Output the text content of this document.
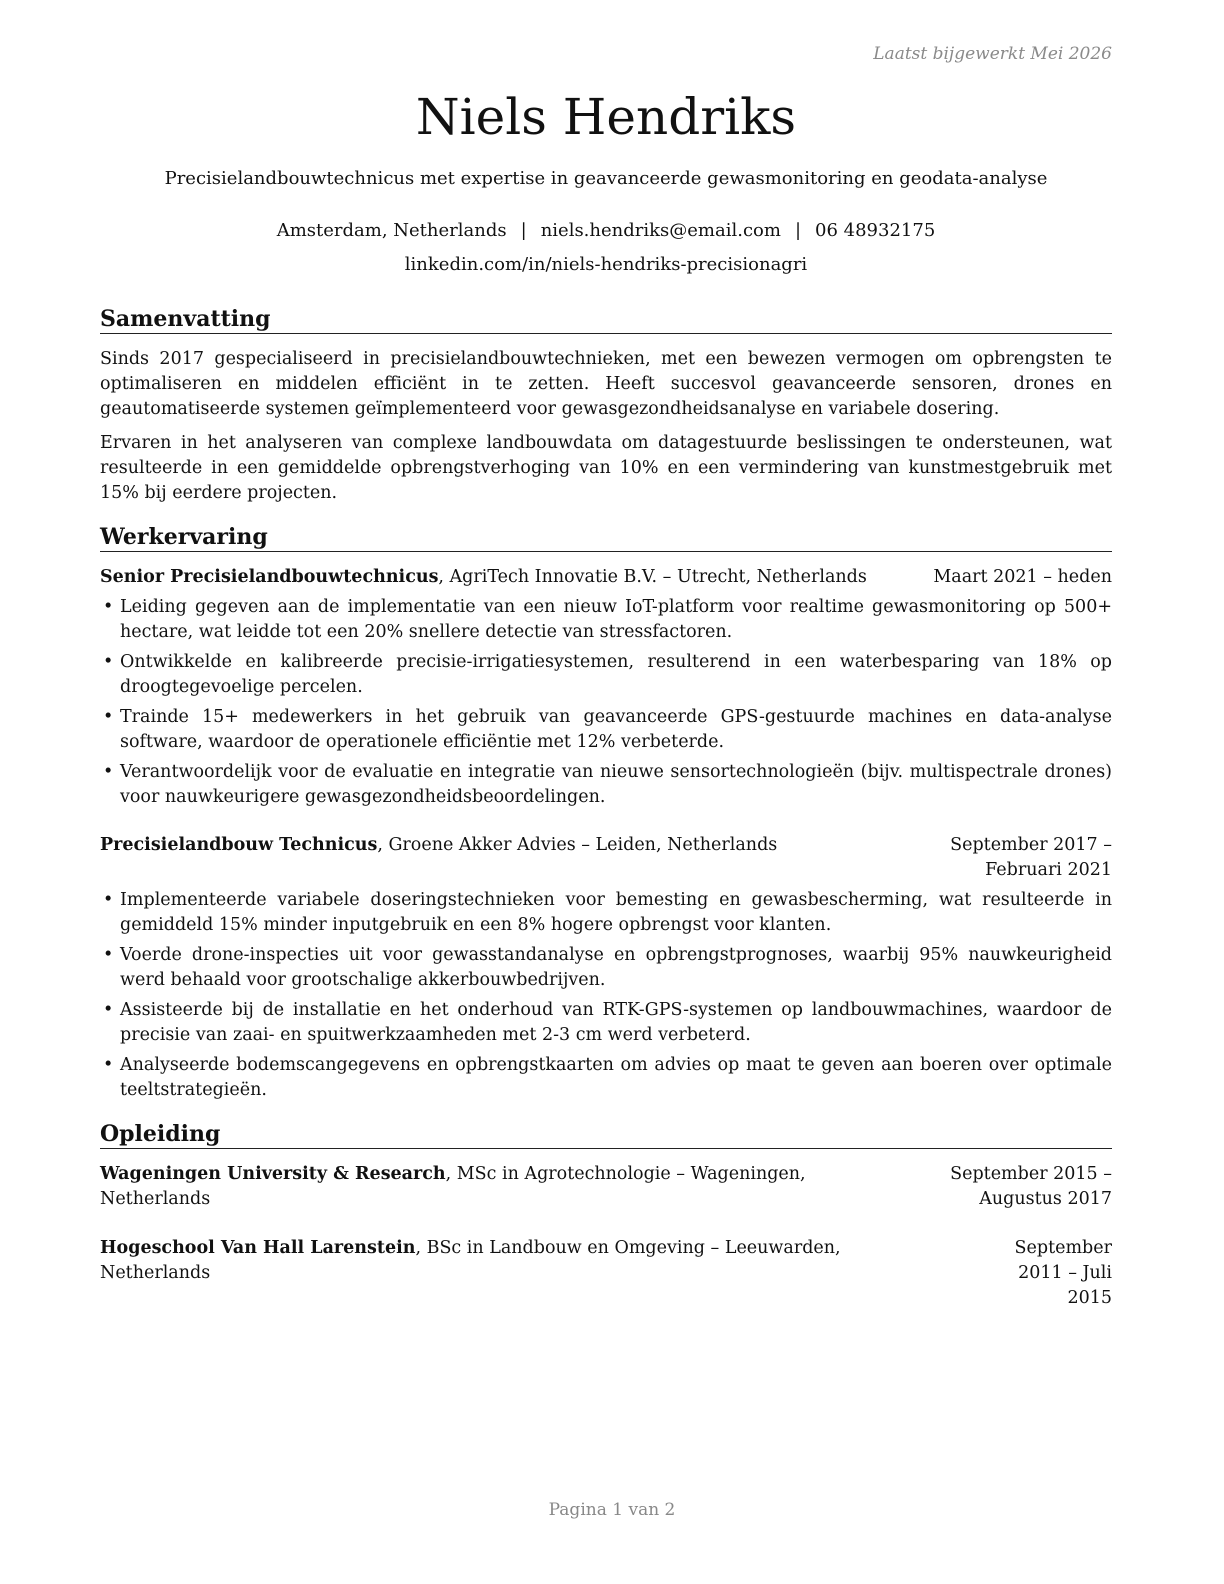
Laatst bijgewerkt Mei 2026
Niels Hendriks
Precisielandbouwtechnicus met expertise in geavanceerde gewasmonitoring en geodata-analyse
Amsterdam, Netherlands | niels.hendriks@email.com | 06 48932175
linkedin.com/in/niels-hendriks-precisionagri
Samenvatting

Sinds 2017 gespecialiseerd in precisielandbouwtechnieken, met een bewezen vermogen om opbrengsten te optimaliseren en middelen efficiënt in te zetten. Heeft succesvol geavanceerde sensoren, drones en geautomatiseerde systemen geïmplementeerd voor gewasgezondheidsanalyse en variabele dosering.

Ervaren in het analyseren van complexe landbouwdata om datagestuurde beslissingen te ondersteunen, wat resulteerde in een gemiddelde opbrengstverhoging van 10% en een vermindering van kunstmestgebruik met 15% bij eerdere projecten.

Werkervaring
Senior Precisielandbouwtechnicus, AgriTech Innovatie B.V. – Utrecht, Netherlands	Maart 2021 – heden
• Leiding gegeven aan de implementatie van een nieuw IoT-platform voor realtime gewasmonitoring op 500+ hectare, wat leidde tot een 20% snellere detectie van stressfactoren.
• Ontwikkelde en kalibreerde precisie-irrigatiesystemen, resulterend in een waterbesparing van 18% op droogtegevoelige percelen.
• Trainde 15+ medewerkers in het gebruik van geavanceerde GPS-gestuurde machines en data-analyse software, waardoor de operationele efficiëntie met 12% verbeterde.
• Verantwoordelijk voor de evaluatie en integratie van nieuwe sensortechnologieën (bijv. multispectrale drones) voor nauwkeurigere gewasgezondheidsbeoordelingen.
Precisielandbouw Technicus, Groene Akker Advies – Leiden, Netherlands	September 2017 – Februari 2021
• Implementeerde variabele doseringstechnieken voor bemesting en gewasbescherming, wat resulteerde in gemiddeld 15% minder inputgebruik en een 8% hogere opbrengst voor klanten.
• Voerde drone-inspecties uit voor gewasstandanalyse en opbrengstprognoses, waarbij 95% nauwkeurigheid werd behaald voor grootschalige akkerbouwbedrijven.
• Assisteerde bij de installatie en het onderhoud van RTK-GPS-systemen op landbouwmachines, waardoor de precisie van zaai- en spuitwerkzaamheden met 2-3 cm werd verbeterd.
• Analyseerde bodemscangegevens en opbrengstkaarten om advies op maat te geven aan boeren over optimale teeltstrategieën.
Opleiding
Wageningen University & Research, MSc in Agrotechnologie – Wageningen, Netherlands
September 2015 – Augustus 2017
Hogeschool Van Hall Larenstein, BSc in Landbouw en Omgeving – Leeuwarden, Netherlands
September 2011 – Juli 2015
Pagina 1 van 2
